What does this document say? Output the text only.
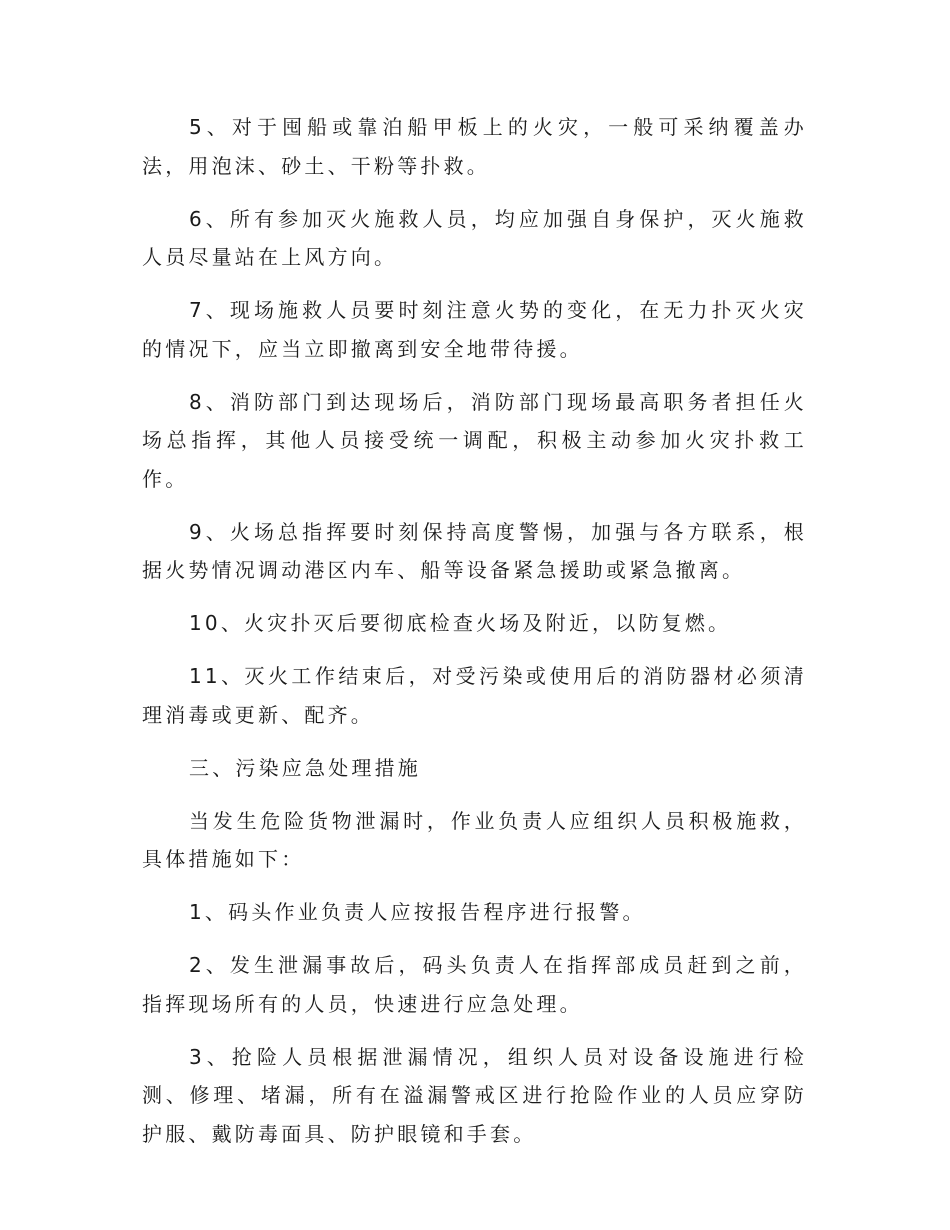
5、对于囤船或靠泊船甲板上的火灾，一般可采纳覆盖办法，用泡沫、砂土、干粉等扑救。

6、所有参加灭火施救人员，均应加强自身保护，灭火施救人员尽量站在上风方向。

7、现场施救人员要时刻注意火势的变化，在无力扑灭火灾的情况下，应当立即撤离到安全地带待援。

8、消防部门到达现场后，消防部门现场最高职务者担任火场总指挥，其他人员接受统一调配，积极主动参加火灾扑救工作。

9、火场总指挥要时刻保持高度警惕，加强与各方联系，根据火势情况调动港区内车、船等设备紧急援助或紧急撤离。

10、火灾扑灭后要彻底检查火场及附近，以防复燃。

11、灭火工作结束后，对受污染或使用后的消防器材必须清理消毒或更新、配齐。

三、污染应急处理措施

当发生危险货物泄漏时，作业负责人应组织人员积极施救，具体措施如下：

1、码头作业负责人应按报告程序进行报警。

2、发生泄漏事故后，码头负责人在指挥部成员赶到之前，指挥现场所有的人员，快速进行应急处理。

3、抢险人员根据泄漏情况，组织人员对设备设施进行检测、修理、堵漏，所有在溢漏警戒区进行抢险作业的人员应穿防护服、戴防毒面具、防护眼镜和手套。
